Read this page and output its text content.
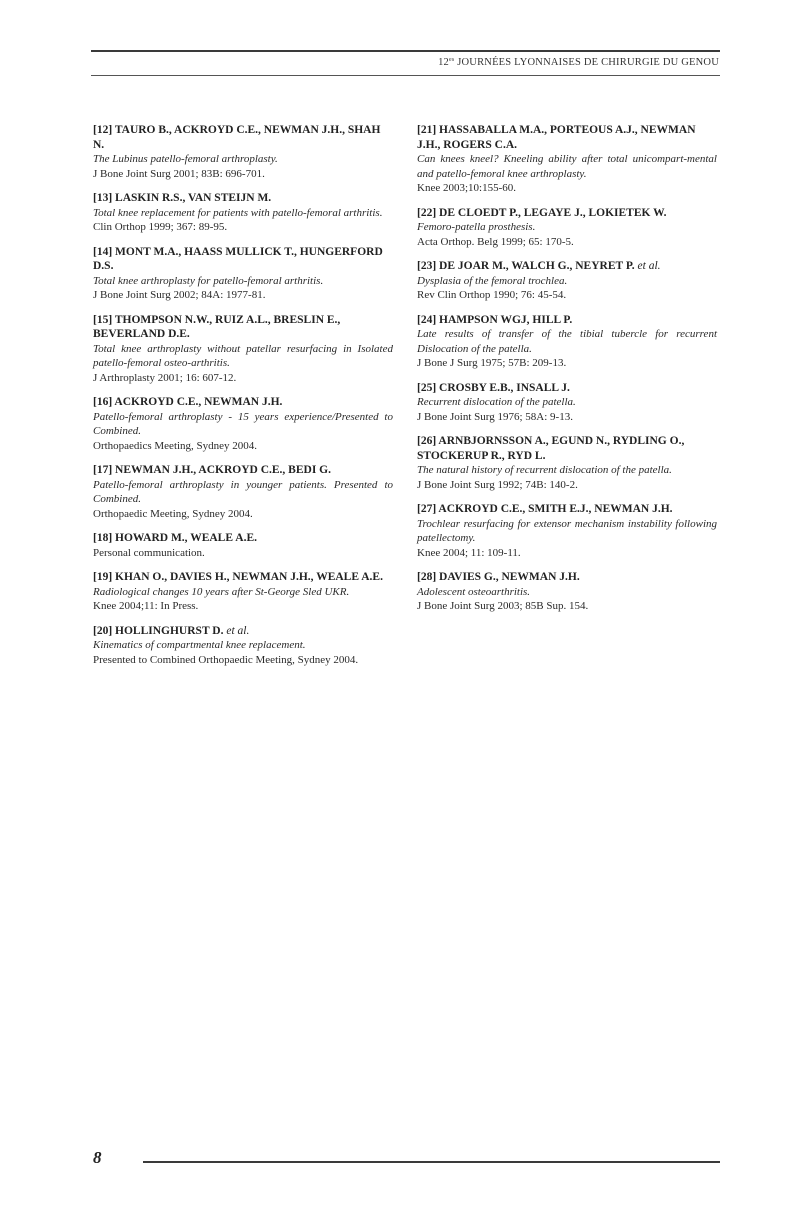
$12^{es}$ JOURNÉES LYONNAISES DE CHIRURGIE DU GENOU
[12] TAURO B., ACKROYD C.E., NEWMAN J.H., SHAH N.
The Lubinus patello-femoral arthroplasty.
J Bone Joint Surg 2001; 83B: 696-701.
[13] LASKIN R.S., VAN STEIJN M.
Total knee replacement for patients with patello-femoral arthritis.
Clin Orthop 1999; 367: 89-95.
[14] MONT M.A., HAASS MULLICK T., HUNGERFORD D.S.
Total knee arthroplasty for patello-femoral arthritis.
J Bone Joint Surg 2002; 84A: 1977-81.
[15] THOMPSON N.W., RUIZ A.L., BRESLIN E., BEVERLAND D.E.
Total knee arthroplasty without patellar resurfacing in Isolated patello-femoral osteo-arthritis.
J Arthroplasty 2001; 16: 607-12.
[16] ACKROYD C.E., NEWMAN J.H.
Patello-femoral arthroplasty - 15 years experience/Presented to Combined.
Orthopaedics Meeting, Sydney 2004.
[17] NEWMAN J.H., ACKROYD C.E., BEDI G.
Patello-femoral arthroplasty in younger patients. Presented to Combined.
Orthopaedic Meeting, Sydney 2004.
[18] HOWARD M., WEALE A.E.
Personal communication.
[19] KHAN O., DAVIES H., NEWMAN J.H., WEALE A.E.
Radiological changes 10 years after St-George Sled UKR.
Knee 2004;11: In Press.
[20] HOLLINGHURST D. et al.
Kinematics of compartmental knee replacement.
Presented to Combined Orthopaedic Meeting, Sydney 2004.
[21] HASSABALLA M.A., PORTEOUS A.J., NEWMAN J.H., ROGERS C.A.
Can knees kneel? Kneeling ability after total unicompart-mental and patello-femoral knee arthroplasty.
Knee 2003;10:155-60.
[22] DE CLOEDT P., LEGAYE J., LOKIETEK W.
Femoro-patella prosthesis.
Acta Orthop. Belg 1999; 65: 170-5.
[23] DE JOAR M., WALCH G., NEYRET P. et al.
Dysplasia of the femoral trochlea.
Rev Clin Orthop 1990; 76: 45-54.
[24] HAMPSON WGJ, HILL P.
Late results of transfer of the tibial tubercle for recurrent Dislocation of the patella.
J Bone J Surg 1975; 57B: 209-13.
[25] CROSBY E.B., INSALL J.
Recurrent dislocation of the patella.
J Bone Joint Surg 1976; 58A: 9-13.
[26] ARNBJORNSSON A., EGUND N., RYDLING O., STOCKERUP R., RYD L.
The natural history of recurrent dislocation of the patella.
J Bone Joint Surg 1992; 74B: 140-2.
[27] ACKROYD C.E., SMITH E.J., NEWMAN J.H.
Trochlear resurfacing for extensor mechanism instability following patellectomy.
Knee 2004; 11: 109-11.
[28] DAVIES G., NEWMAN J.H.
Adolescent osteoarthritis.
J Bone Joint Surg 2003; 85B Sup. 154.
8
